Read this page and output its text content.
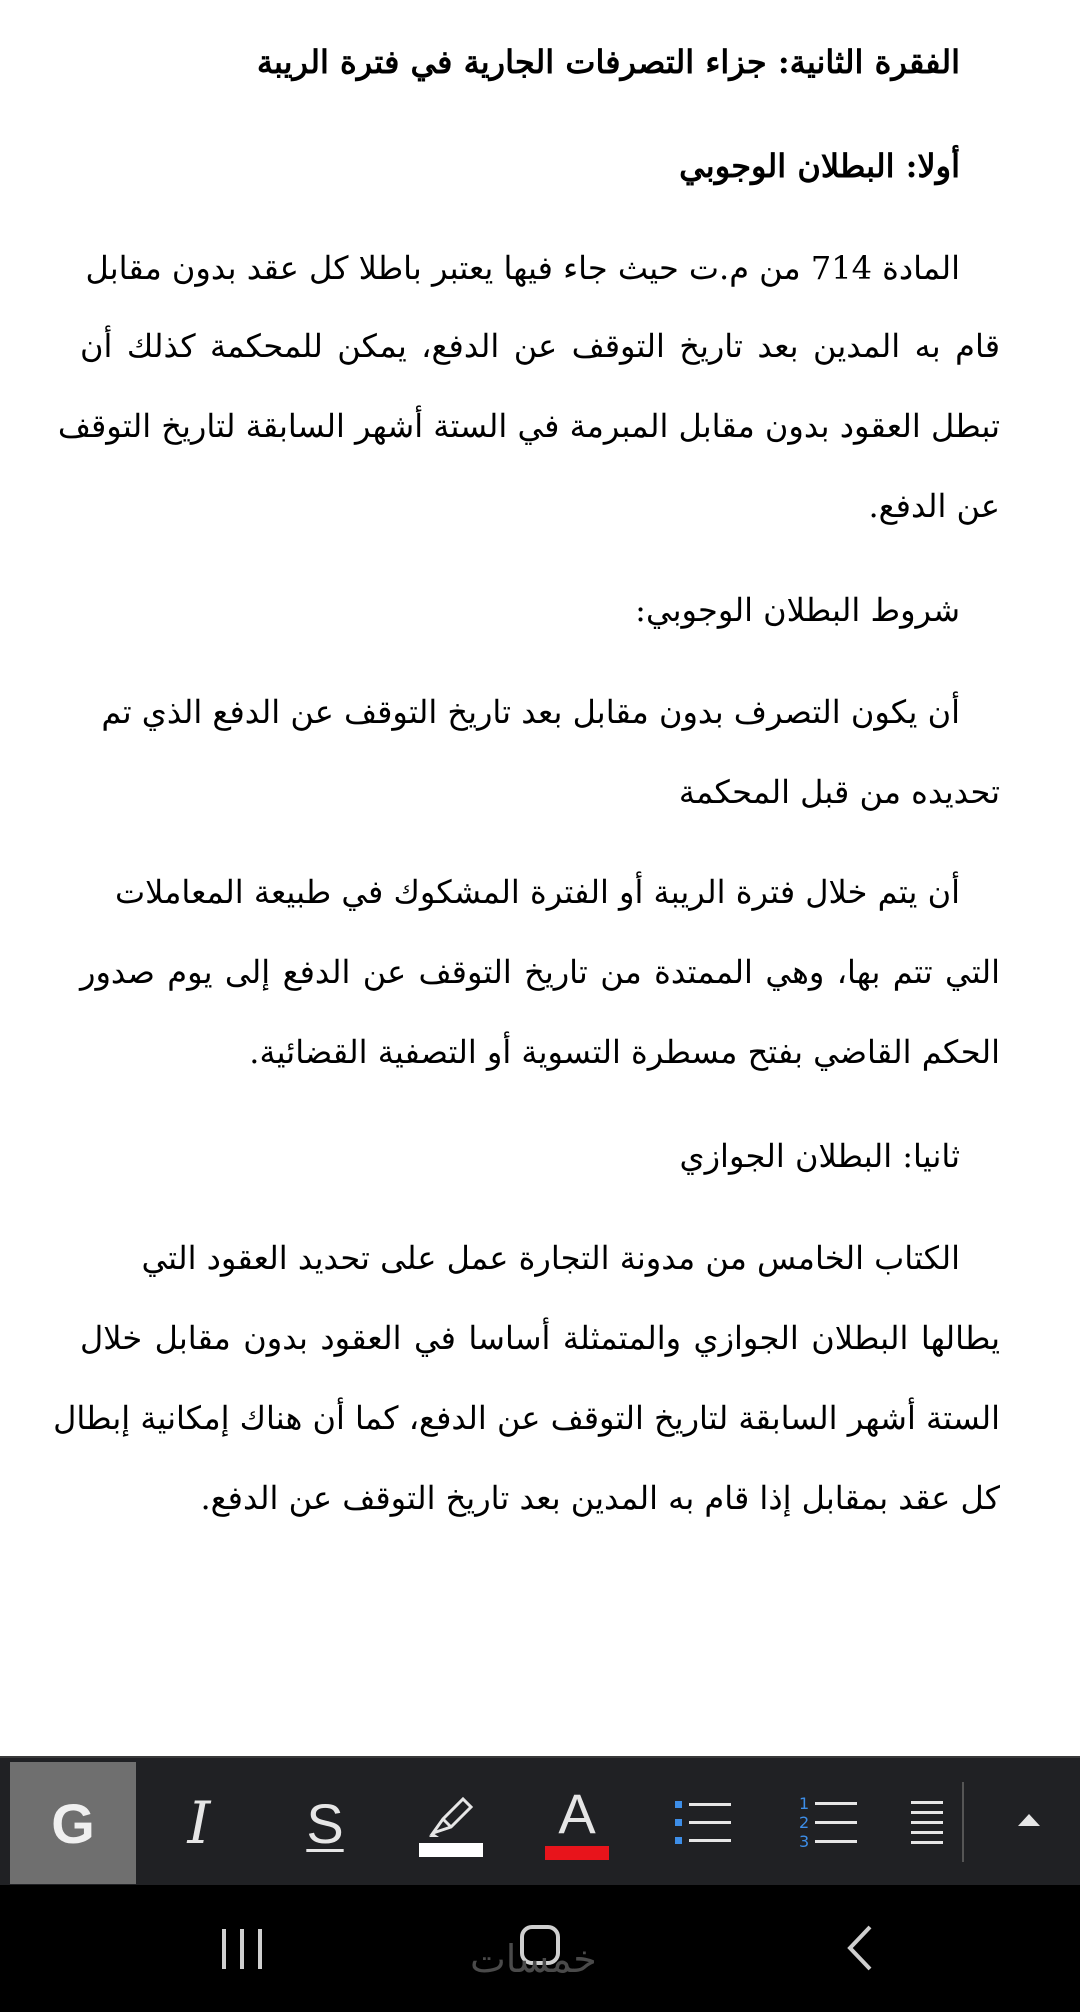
الفقرة الثانية: جزاء التصرفات الجارية في فترة الريبة
أولا: البطلان الوجوبي
المادة 714 من م.ت حيث جاء فيها يعتبر باطلا كل عقد بدون مقابل
قام به المدين بعد تاريخ التوقف عن الدفع، يمكن للمحكمة كذلك أن
تبطل العقود بدون مقابل المبرمة في الستة أشهر السابقة لتاريخ التوقف
عن الدفع.
شروط البطلان الوجوبي:
أن يكون التصرف بدون مقابل بعد تاريخ التوقف عن الدفع الذي تم
تحديده من قبل المحكمة
أن يتم خلال فترة الريبة أو الفترة المشكوك في طبيعة المعاملات
التي تتم بها، وهي الممتدة من تاريخ التوقف عن الدفع إلى يوم صدور
الحكم القاضي بفتح مسطرة التسوية أو التصفية القضائية.
ثانيا: البطلان الجوازي
الكتاب الخامس من مدونة التجارة عمل على تحديد العقود التي
يطالها البطلان الجوازي والمتمثلة أساسا في العقود بدون مقابل خلال
الستة أشهر السابقة لتاريخ التوقف عن الدفع، كما أن هناك إمكانية إبطال
كل عقد بمقابل إذا قام به المدين بعد تاريخ التوقف عن الدفع.
G I S	A	1
2
3
خمسات
